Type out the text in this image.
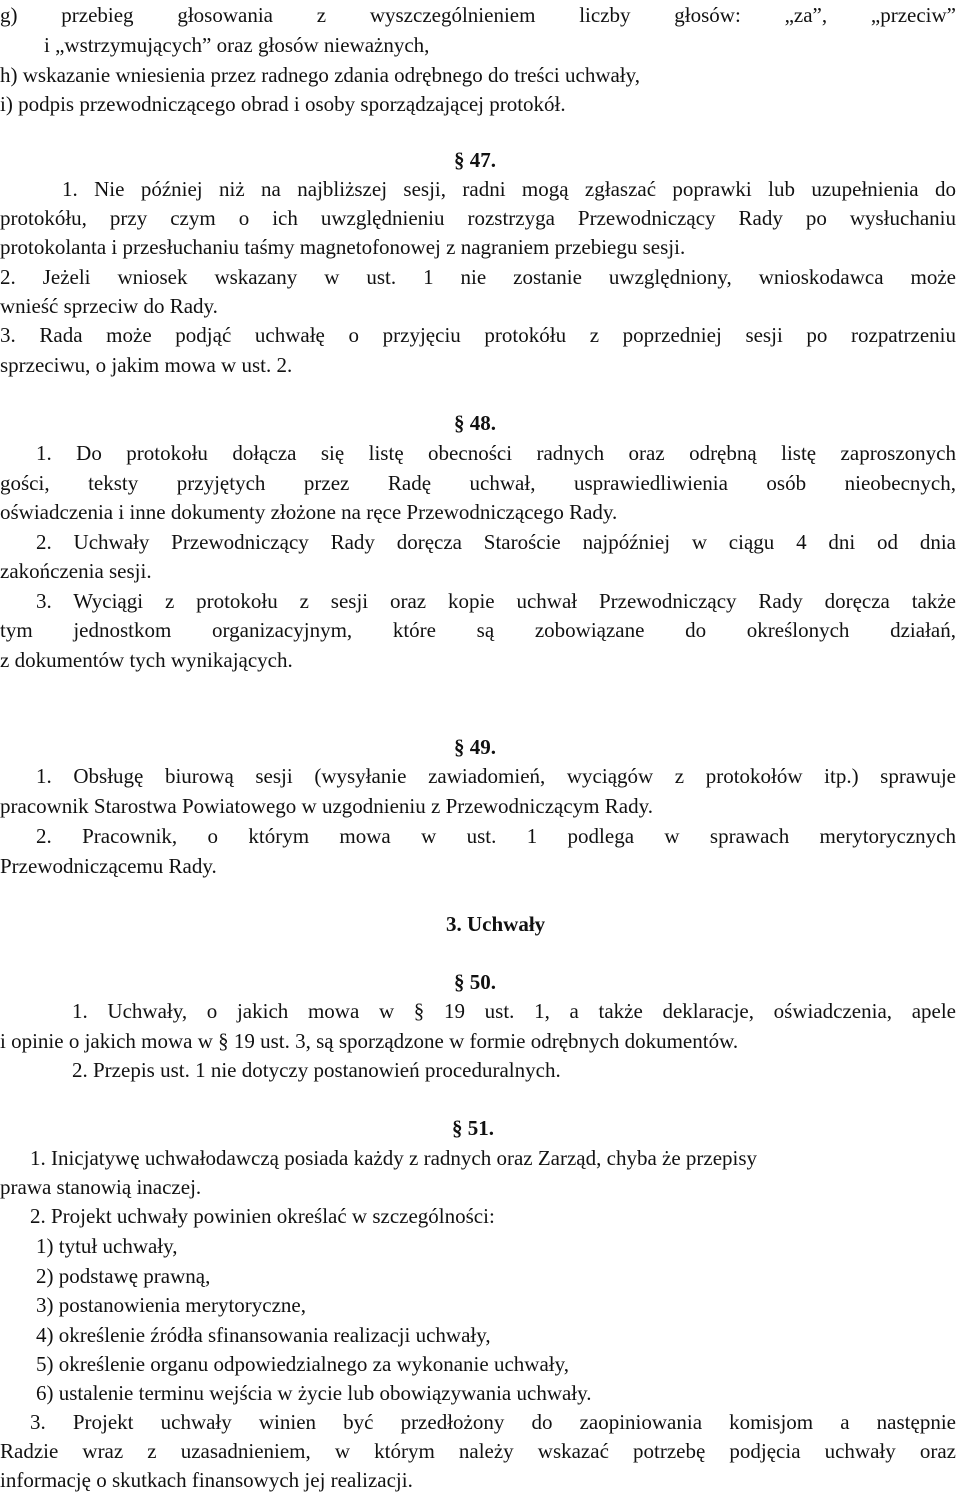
g) przebieg głosowania z wyszczególnieniem liczby głosów: „za”, „przeciw”
i „wstrzymujących” oraz głosów nieważnych,
h) wskazanie wniesienia przez radnego zdania odrębnego do treści uchwały,
i) podpis przewodniczącego obrad i osoby sporządzającej protokół.
§ 47.
1. Nie później niż na najbliższej sesji, radni mogą zgłaszać poprawki lub uzupełnienia do
protokółu, przy czym o ich uwzględnieniu rozstrzyga Przewodniczący Rady po wysłuchaniu
protokolanta i przesłuchaniu taśmy magnetofonowej z nagraniem przebiegu sesji.
2. Jeżeli wniosek wskazany w ust. 1 nie zostanie uwzględniony, wnioskodawca może
wnieść sprzeciw do Rady.
3. Rada może podjąć uchwałę o przyjęciu protokółu z poprzedniej sesji po rozpatrzeniu
sprzeciwu, o jakim mowa w ust. 2.
§ 48.
1. Do protokołu dołącza się listę obecności radnych oraz odrębną listę zaproszonych
gości, teksty przyjętych przez Radę uchwał, usprawiedliwienia osób nieobecnych,
oświadczenia i inne dokumenty złożone na ręce Przewodniczącego Rady.
2. Uchwały Przewodniczący Rady doręcza Staroście najpóźniej w ciągu 4 dni od dnia
zakończenia sesji.
3. Wyciągi z protokołu z sesji oraz kopie uchwał Przewodniczący Rady doręcza także
tym jednostkom organizacyjnym, które są zobowiązane do określonych działań,
z dokumentów tych wynikających.
§ 49.
1. Obsługę biurową sesji (wysyłanie zawiadomień, wyciągów z protokołów itp.) sprawuje
pracownik Starostwa Powiatowego w uzgodnieniu z Przewodniczącym Rady.
2. Pracownik, o którym mowa w ust. 1 podlega w sprawach merytorycznych
Przewodniczącemu Rady.
3. Uchwały
§ 50.
1. Uchwały, o jakich mowa w § 19 ust. 1, a także deklaracje, oświadczenia, apele
i opinie o jakich mowa w § 19 ust. 3, są sporządzone w formie odrębnych dokumentów.
2. Przepis ust. 1 nie dotyczy postanowień proceduralnych.
§ 51.
1. Inicjatywę uchwałodawczą posiada każdy z radnych oraz Zarząd, chyba że przepisy
prawa stanowią inaczej.
2. Projekt uchwały powinien określać w szczególności:
1) tytuł uchwały,
2) podstawę prawną,
3) postanowienia merytoryczne,
4) określenie źródła sfinansowania realizacji uchwały,
5) określenie organu odpowiedzialnego za wykonanie uchwały,
6) ustalenie terminu wejścia w życie lub obowiązywania uchwały.
3. Projekt uchwały winien być przedłożony do zaopiniowania komisjom a następnie
Radzie wraz z uzasadnieniem, w którym należy wskazać potrzebę podjęcia uchwały oraz
informację o skutkach finansowych jej realizacji.
